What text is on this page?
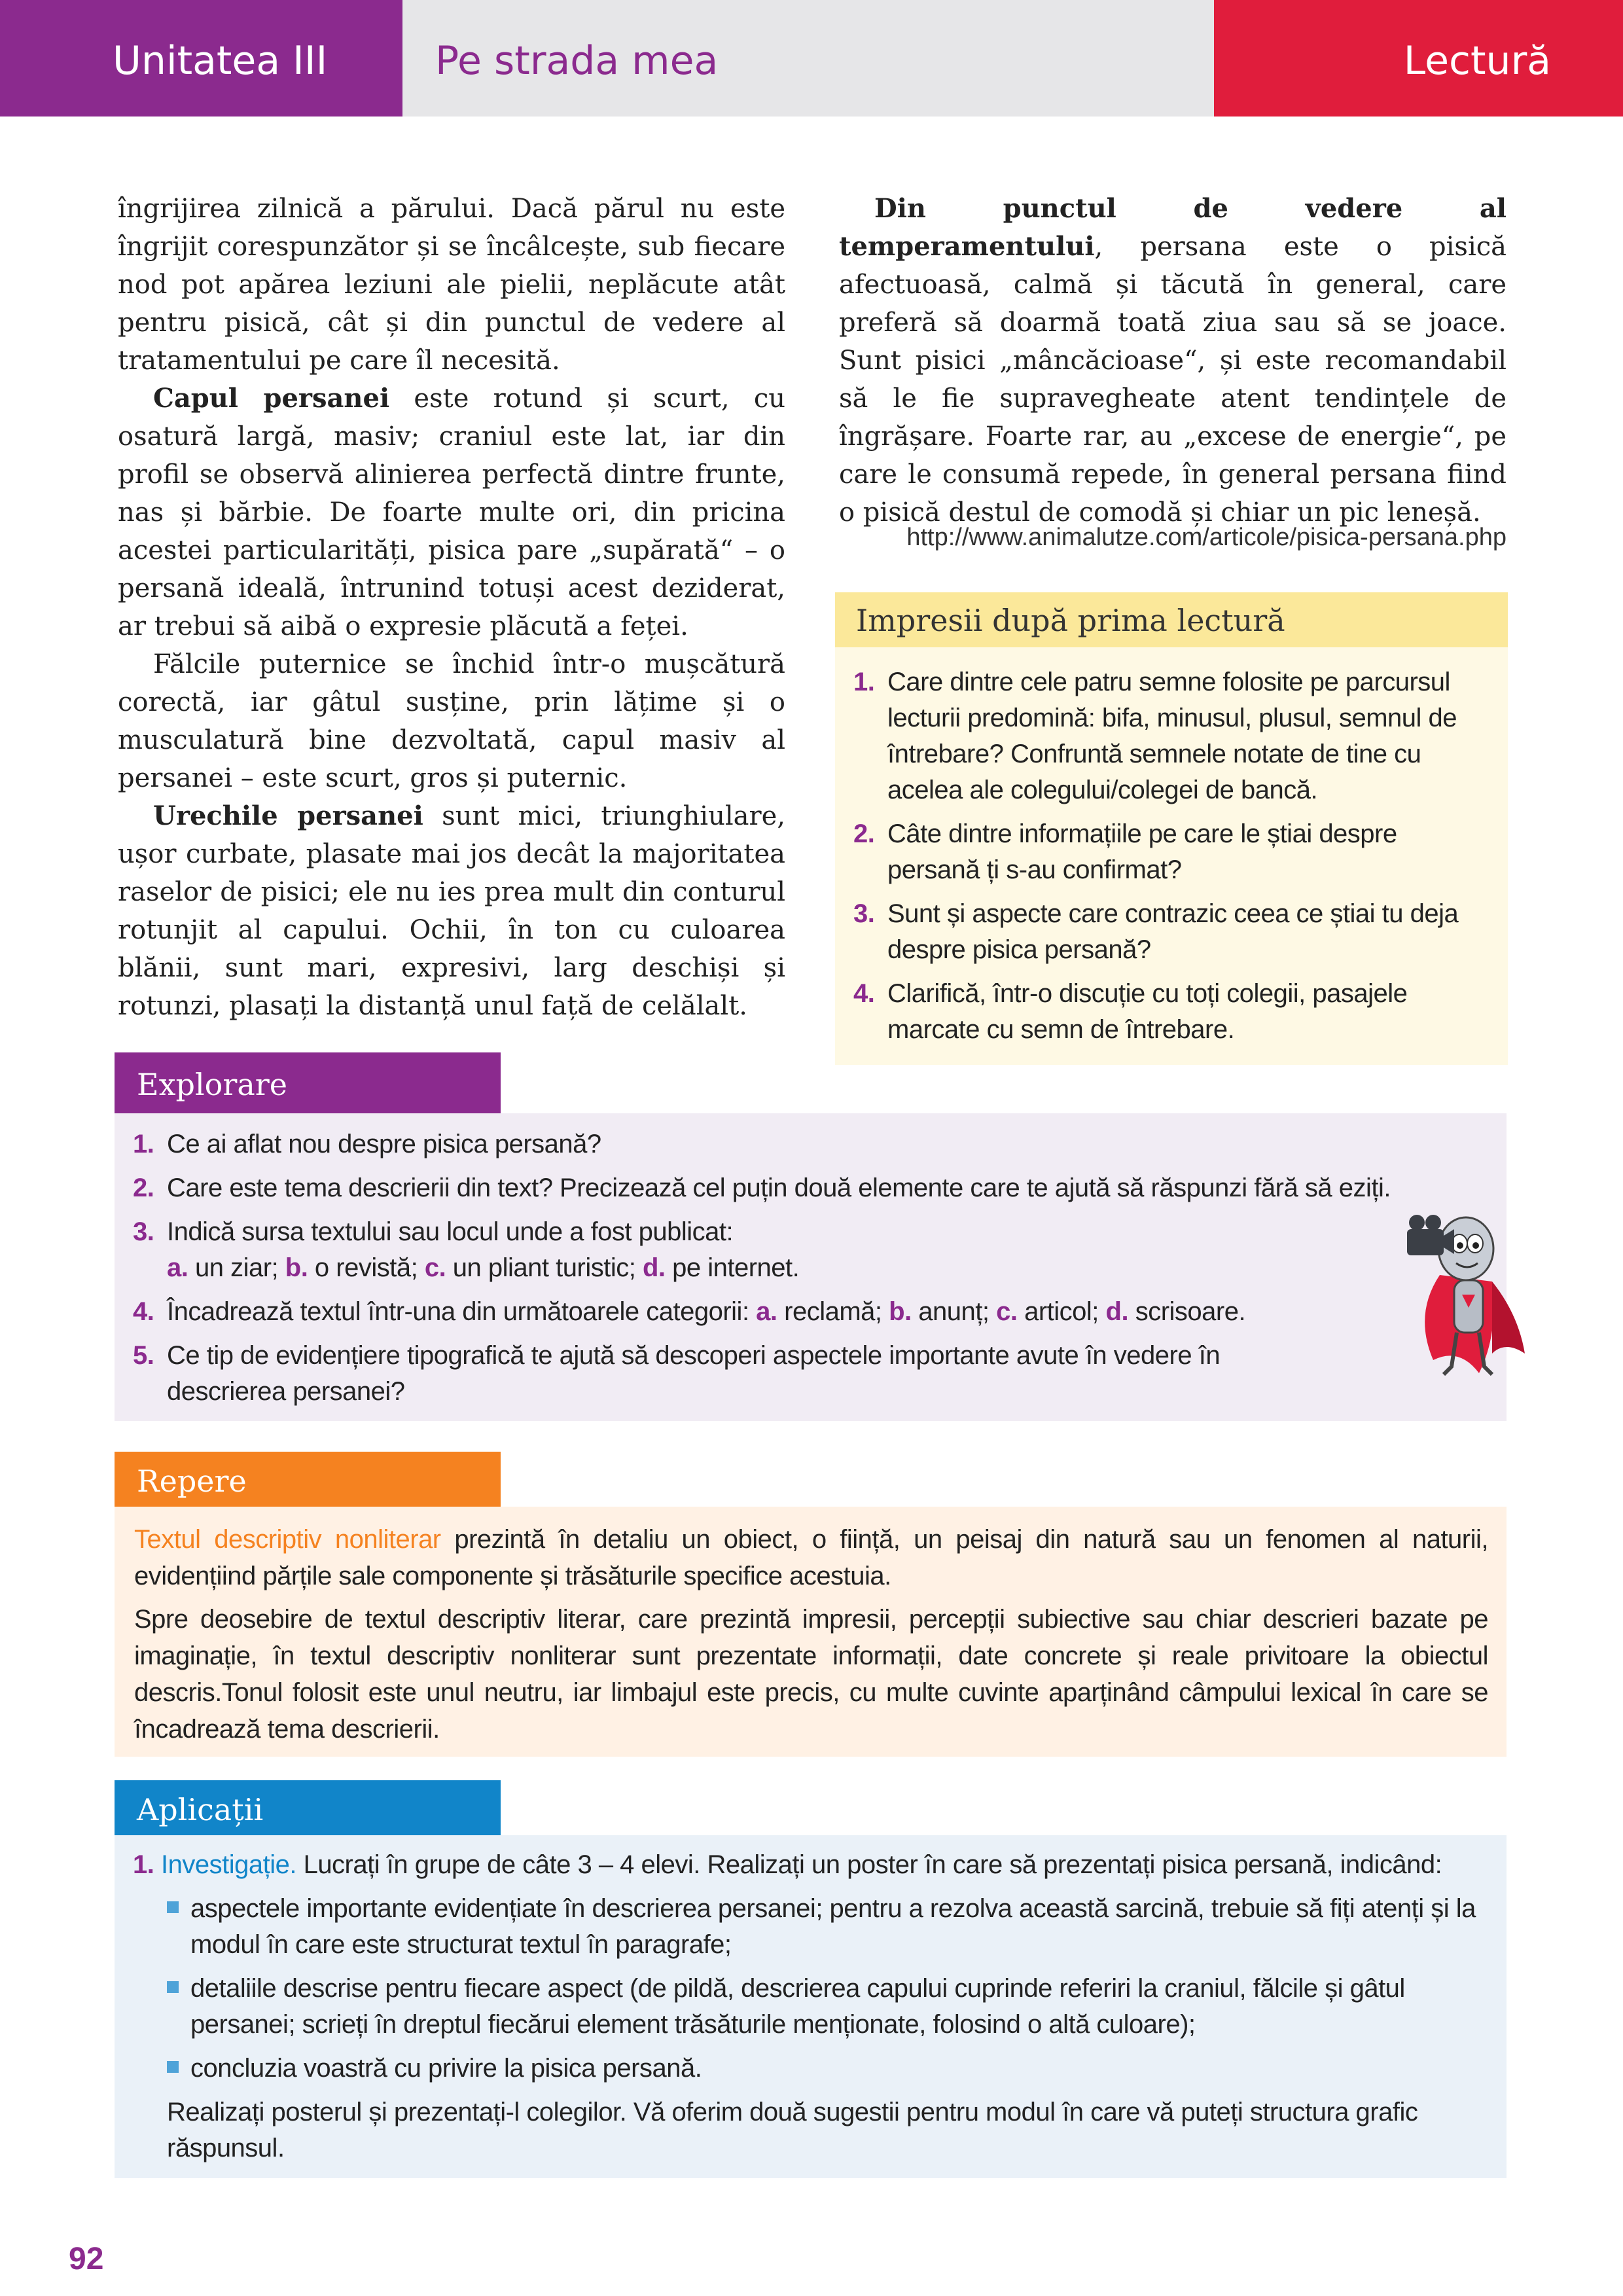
Unitatea III	Pe strada mea	Lectură

îngrijirea zilnică a părului. Dacă părul nu este îngrijit corespunzător și se încâlcește, sub fiecare nod pot apărea leziuni ale pielii, neplăcute atât pentru pisică, cât și din punctul de vedere al tratamentului pe care îl necesită.

Capul persanei este rotund și scurt, cu osatură largă, masiv; craniul este lat, iar din profil se observă alinierea perfectă dintre frunte, nas și bărbie. De foarte multe ori, din pricina acestei particularități, pisica pare „supărată“ – o persană ideală, întrunind totuși acest deziderat, ar trebui să aibă o expresie plăcută a feței.

Fălcile puternice se închid într-o mușcătură corectă, iar gâtul susține, prin lățime și o musculatură bine dezvoltată, capul masiv al persanei – este scurt, gros și puternic.

Urechile persanei sunt mici, triunghiulare, ușor curbate, plasate mai jos decât la majoritatea raselor de pisici; ele nu ies prea mult din conturul rotunjit al capului. Ochii, în ton cu culoarea blănii, sunt mari, expresivi, larg deschiși și rotunzi, plasați la distanță unul față de celălalt.

Din punctul de vedere al temperamentului, persana este o pisică afectuoasă, calmă și tăcută în general, care preferă să doarmă toată ziua sau să se joace. Sunt pisici „mâncăcioase“, și este recomandabil să le fie supravegheate atent tendințele de îngrășare. Foarte rar, au „excese de energie“, pe care le consumă repede, în general persana fiind o pisică destul de comodă și chiar un pic leneșă.

http://www.animalutze.com/articole/pisica-persana.php
Impresii după prima lectură
1. Care dintre cele patru semne folosite pe parcursul lecturii predomină: bifa, minusul, plusul, semnul de întrebare? Confruntă semnele notate de tine cu acelea ale colegului/colegei de bancă.
2. Câte dintre informațiile pe care le știai despre persană ți s-au confirmat?
3. Sunt și aspecte care contrazic ceea ce știai tu deja despre pisica persană?
4. Clarifică, într-o discuție cu toți colegii, pasajele marcate cu semn de întrebare.
Explorare
1. Ce ai aflat nou despre pisica persană?
2. Care este tema descrierii din text? Precizează cel puțin două elemente care te ajută să răspunzi fără să eziți.
3. Indică sursa textului sau locul unde a fost publicat:
a. un ziar; b. o revistă; c. un pliant turistic; d. pe internet.
4. Încadrează textul într-una din următoarele categorii: a. reclamă; b. anunț; c. articol; d. scrisoare.
5. Ce tip de evidențiere tipografică te ajută să descoperi aspectele importante avute în vedere în descrierea persanei?
Repere

Textul descriptiv nonliterar prezintă în detaliu un obiect, o ființă, un peisaj din natură sau un fenomen al naturii, evidențiind părțile sale componente și trăsăturile specifice acestuia.

Spre deosebire de textul descriptiv literar, care prezintă impresii, percepții subiective sau chiar descrieri bazate pe imaginație, în textul descriptiv nonliterar sunt prezentate informații, date concrete și reale privitoare la obiectul descris.Tonul folosit este unul neutru, iar limbajul este precis, cu multe cuvinte aparținând câmpului lexical în care se încadrează tema descrierii.

Aplicații
1. Investigație. Lucrați în grupe de câte 3 – 4 elevi. Realizați un poster în care să prezentați pisica persană, indicând:
aspectele importante evidențiate în descrierea persanei; pentru a rezolva această sarcină, trebuie să fiți atenți și la modul în care este structurat textul în paragrafe;
detaliile descrise pentru fiecare aspect (de pildă, descrierea capului cuprinde referiri la craniul, fălcile și gâtul persanei; scrieți în dreptul fiecărui element trăsăturile menționate, folosind o altă culoare);
concluzia voastră cu privire la pisica persană.
Realizați posterul și prezentați-l colegilor. Vă oferim două sugestii pentru modul în care vă puteți structura grafic răspunsul.
92
